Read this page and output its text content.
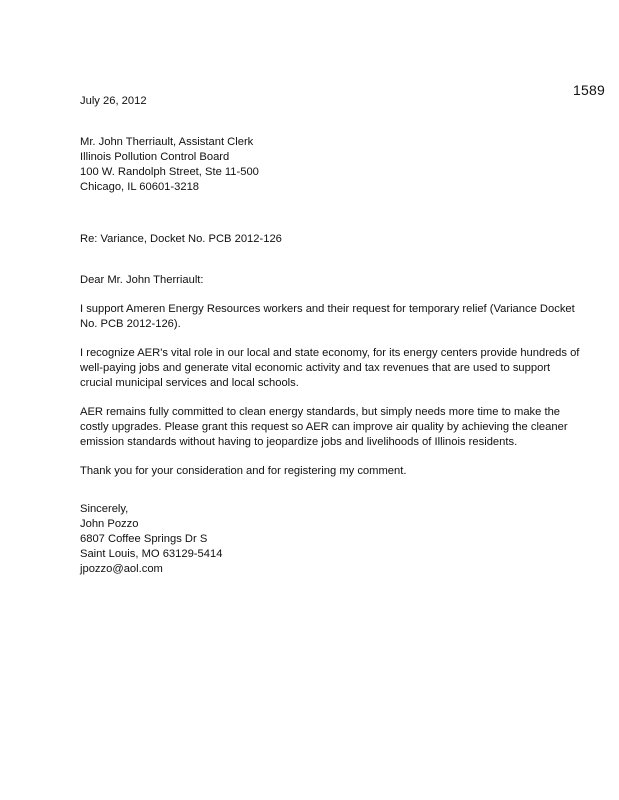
1589
July 26, 2012
Mr. John Therriault, Assistant Clerk
Illinois Pollution Control Board
100 W. Randolph Street, Ste 11-500
Chicago, IL 60601-3218
Re: Variance, Docket No. PCB 2012-126
Dear Mr. John Therriault:

I support Ameren Energy Resources workers and their request for temporary relief (Variance Docket No. PCB 2012-126).

I recognize AER's vital role in our local and state economy, for its energy centers provide hundreds of well-paying jobs and generate vital economic activity and tax revenues that are used to support crucial municipal services and local schools.

AER remains fully committed to clean energy standards, but simply needs more time to make the costly upgrades. Please grant this request so AER can improve air quality by achieving the cleaner emission standards without having to jeopardize jobs and livelihoods of Illinois residents.

Thank you for your consideration and for registering my comment.

Sincerely,
John Pozzo
6807 Coffee Springs Dr S
Saint Louis, MO 63129-5414
jpozzo@aol.com
